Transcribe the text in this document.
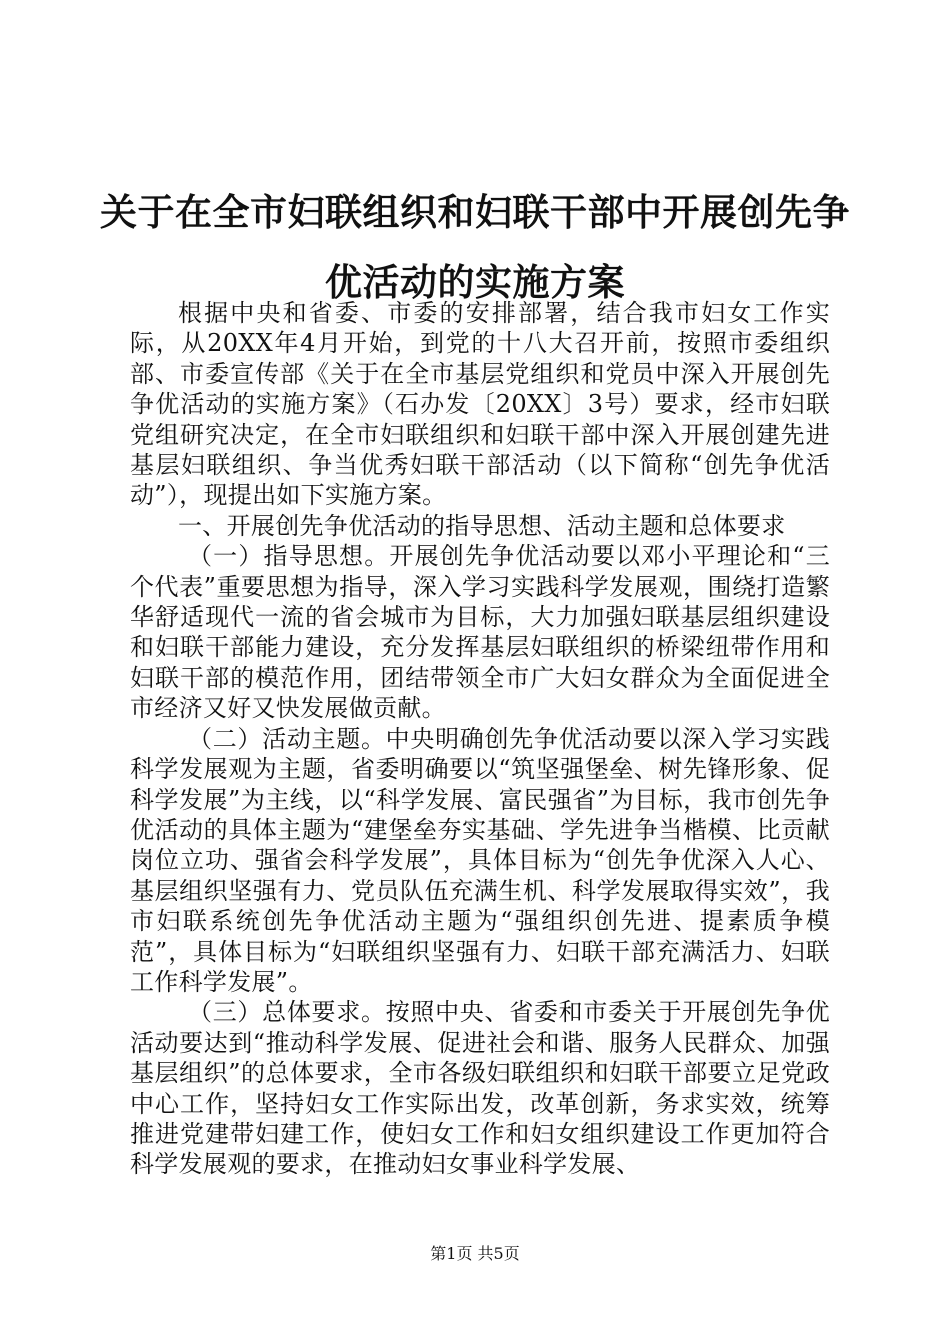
关于在全市妇联组织和妇联干部中开展创先争优活动的实施方案

根据中央和省委、市委的安排部署，结合我市妇女工作实际，从20XX年4月开始，到党的十八大召开前，按照市委组织部、市委宣传部《关于在全市基层党组织和党员中深入开展创先争优活动的实施方案》（石办发〔20XX〕3号）要求，经市妇联党组研究决定，在全市妇联组织和妇联干部中深入开展创建先进基层妇联组织、争当优秀妇联干部活动（以下简称“创先争优活动”），现提出如下实施方案。

一、开展创先争优活动的指导思想、活动主题和总体要求

（一）指导思想。开展创先争优活动要以邓小平理论和“三个代表”重要思想为指导，深入学习实践科学发展观，围绕打造繁华舒适现代一流的省会城市为目标，大力加强妇联基层组织建设和妇联干部能力建设，充分发挥基层妇联组织的桥梁纽带作用和妇联干部的模范作用，团结带领全市广大妇女群众为全面促进全市经济又好又快发展做贡献。

（二）活动主题。中央明确创先争优活动要以深入学习实践科学发展观为主题，省委明确要以“筑坚强堡垒、树先锋形象、促科学发展”为主线，以“科学发展、富民强省”为目标，我市创先争优活动的具体主题为“建堡垒夯实基础、学先进争当楷模、比贡献岗位立功、强省会科学发展”，具体目标为“创先争优深入人心、基层组织坚强有力、党员队伍充满生机、科学发展取得实效”，我市妇联系统创先争优活动主题为“强组织创先进、提素质争模范”，具体目标为“妇联组织坚强有力、妇联干部充满活力、妇联工作科学发展”。

（三）总体要求。按照中央、省委和市委关于开展创先争优活动要达到“推动科学发展、促进社会和谐、服务人民群众、加强基层组织”的总体要求，全市各级妇联组织和妇联干部要立足党政中心工作，坚持妇女工作实际出发，改革创新，务求实效，统筹推进党建带妇建工作，使妇女工作和妇女组织建设工作更加符合科学发展观的要求，在推动妇女事业科学发展、

第1页 共5页
